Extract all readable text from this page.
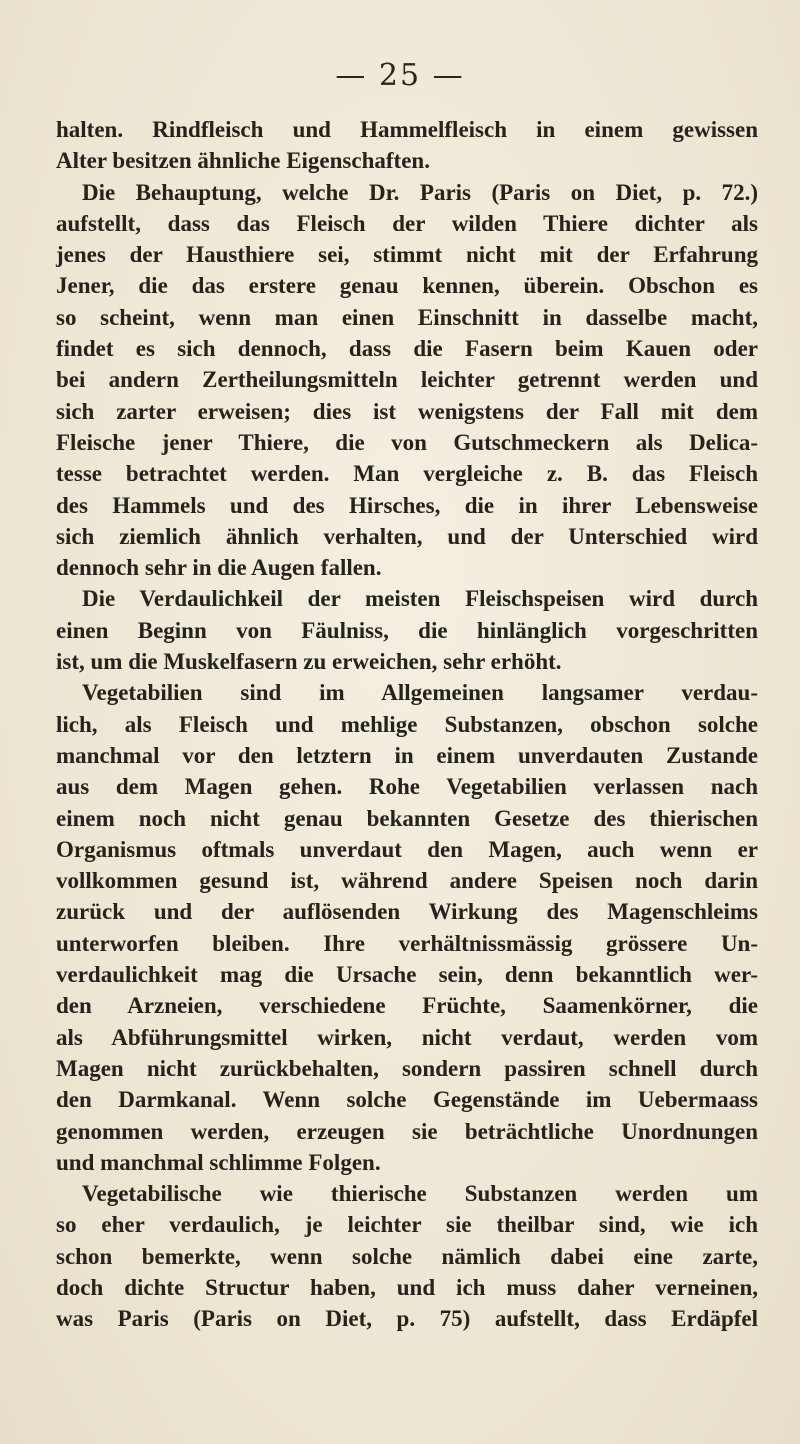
— 25 —
halten. Rindfleisch und Hammelfleisch in einem gewissen
Alter besitzen ähnliche Eigenschaften.
Die Behauptung, welche Dr. Paris (Paris on Diet, p. 72.)
aufstellt, dass das Fleisch der wilden Thiere dichter als
jenes der Hausthiere sei, stimmt nicht mit der Erfahrung
Jener, die das erstere genau kennen, überein. Obschon es
so scheint, wenn man einen Einschnitt in dasselbe macht,
findet es sich dennoch, dass die Fasern beim Kauen oder
bei andern Zertheilungsmitteln leichter getrennt werden und
sich zarter erweisen; dies ist wenigstens der Fall mit dem
Fleische jener Thiere, die von Gutschmeckern als Delica-
tesse betrachtet werden. Man vergleiche z. B. das Fleisch
des Hammels und des Hirsches, die in ihrer Lebensweise
sich ziemlich ähnlich verhalten, und der Unterschied wird
dennoch sehr in die Augen fallen.
Die Verdaulichkeil der meisten Fleischspeisen wird durch
einen Beginn von Fäulniss, die hinlänglich vorgeschritten
ist, um die Muskelfasern zu erweichen, sehr erhöht.
Vegetabilien sind im Allgemeinen langsamer verdau-
lich, als Fleisch und mehlige Substanzen, obschon solche
manchmal vor den letztern in einem unverdauten Zustande
aus dem Magen gehen. Rohe Vegetabilien verlassen nach
einem noch nicht genau bekannten Gesetze des thierischen
Organismus oftmals unverdaut den Magen, auch wenn er
vollkommen gesund ist, während andere Speisen noch darin
zurück und der auflösenden Wirkung des Magenschleims
unterworfen bleiben. Ihre verhältnissmässig grössere Un-
verdaulichkeit mag die Ursache sein, denn bekanntlich wer-
den Arzneien, verschiedene Früchte, Saamenkörner, die
als Abführungsmittel wirken, nicht verdaut, werden vom
Magen nicht zurückbehalten, sondern passiren schnell durch
den Darmkanal. Wenn solche Gegenstände im Uebermaass
genommen werden, erzeugen sie beträchtliche Unordnungen
und manchmal schlimme Folgen.
Vegetabilische wie thierische Substanzen werden um
so eher verdaulich, je leichter sie theilbar sind, wie ich
schon bemerkte, wenn solche nämlich dabei eine zarte,
doch dichte Structur haben, und ich muss daher verneinen,
was Paris (Paris on Diet, p. 75) aufstellt, dass Erdäpfel
